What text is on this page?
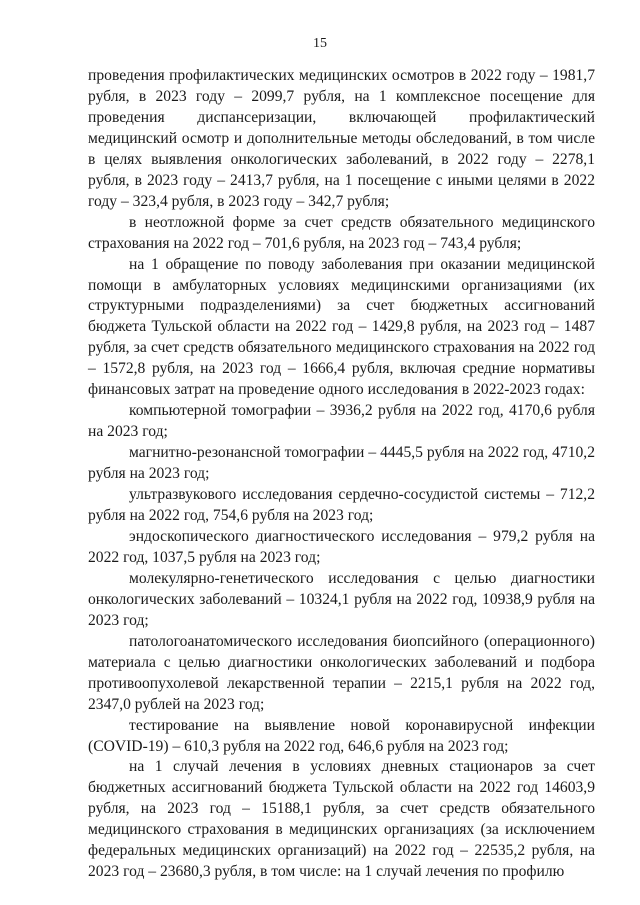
15

проведения профилактических медицинских осмотров в 2022 году – 1981,7 рубля, в 2023 году – 2099,7 рубля, на 1 комплексное посещение для проведения диспансеризации, включающей профилактический медицинский осмотр и дополнительные методы обследований, в том числе в целях выявления онкологических заболеваний, в 2022 году – 2278,1 рубля, в 2023 году – 2413,7 рубля, на 1 посещение с иными целями в 2022 году – 323,4 рубля, в 2023 году – 342,7 рубля;

в неотложной форме за счет средств обязательного медицинского страхования на 2022 год – 701,6 рубля, на 2023 год – 743,4 рубля;

на 1 обращение по поводу заболевания при оказании медицинской помощи в амбулаторных условиях медицинскими организациями (их структурными подразделениями) за счет бюджетных ассигнований бюджета Тульской области на 2022 год – 1429,8 рубля, на 2023 год – 1487 рубля, за счет средств обязательного медицинского страхования на 2022 год – 1572,8 рубля, на 2023 год – 1666,4 рубля, включая средние нормативы финансовых затрат на проведение одного исследования в 2022-2023 годах:

компьютерной томографии – 3936,2 рубля на 2022 год, 4170,6 рубля на 2023 год;

магнитно-резонансной томографии – 4445,5 рубля на 2022 год, 4710,2 рубля на 2023 год;

ультразвукового исследования сердечно-сосудистой системы – 712,2 рубля на 2022 год, 754,6 рубля на 2023 год;

эндоскопического диагностического исследования – 979,2 рубля на 2022 год, 1037,5 рубля на 2023 год;

молекулярно-генетического исследования с целью диагностики онкологических заболеваний – 10324,1 рубля на 2022 год, 10938,9 рубля на 2023 год;

патологоанатомического исследования биопсийного (операционного) материала с целью диагностики онкологических заболеваний и подбора противоопухолевой лекарственной терапии – 2215,1 рубля на 2022 год, 2347,0 рублей на 2023 год;

тестирование на выявление новой коронавирусной инфекции (COVID-19) – 610,3 рубля на 2022 год, 646,6 рубля на 2023 год;

на 1 случай лечения в условиях дневных стационаров за счет бюджетных ассигнований бюджета Тульской области на 2022 год 14603,9 рубля, на 2023 год – 15188,1 рубля, за счет средств обязательного медицинского страхования в медицинских организациях (за исключением федеральных медицинских организаций) на 2022 год – 22535,2 рубля, на 2023 год – 23680,3 рубля, в том числе: на 1 случай лечения по профилю
